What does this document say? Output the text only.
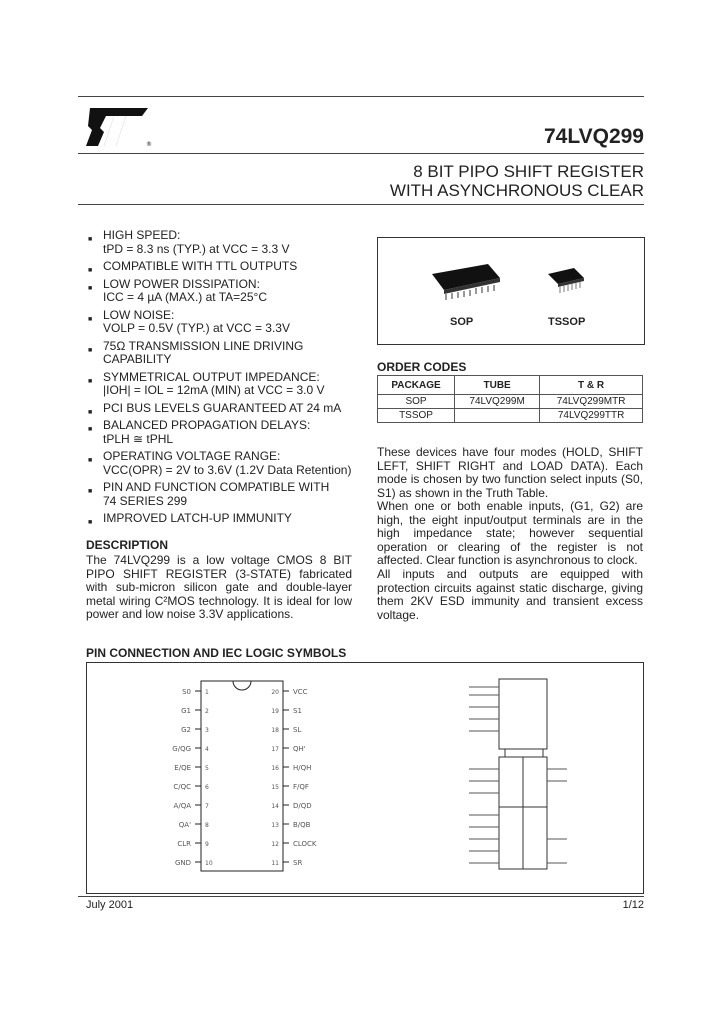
®	74LVQ299
8 BIT PIPO SHIFT REGISTER
WITH ASYNCHRONOUS CLEAR
■ HIGH SPEED:
tPD = 8.3 ns (TYP.) at VCC = 3.3 V
■ COMPATIBLE WITH TTL OUTPUTS
■ LOW POWER DISSIPATION:
ICC = 4 µA (MAX.) at TA=25°C
■ LOW NOISE:
VOLP = 0.5V (TYP.) at VCC = 3.3V
■ 75Ω TRANSMISSION LINE DRIVING
CAPABILITY
■ SYMMETRICAL OUTPUT IMPEDANCE:
|IOH| = IOL = 12mA (MIN) at VCC = 3.0 V
■ PCI BUS LEVELS GUARANTEED AT 24 mA
■ BALANCED PROPAGATION DELAYS:
tPLH ≅ tPHL
■ OPERATING VOLTAGE RANGE:
VCC(OPR) = 2V to 3.6V (1.2V Data Retention)
■ PIN AND FUNCTION COMPATIBLE WITH
74 SERIES 299
■ IMPROVED LATCH-UP IMMUNITY
SOP	TSSOP
ORDER CODES
PACKAGE	TUBE	T & R
SOP	74LVQ299M	74LVQ299MTR
TSSOP		74LVQ299TTR
These devices have four modes (HOLD, SHIFT LEFT, SHIFT RIGHT and LOAD DATA). Each mode is chosen by two function select inputs (S0, S1) as shown in the Truth Table.
When one or both enable inputs, (G1, G2) are high, the eight input/output terminals are in the high impedance state; however sequential operation or clearing of the register is not affected. Clear function is asynchronous to clock.
All inputs and outputs are equipped with protection circuits against static discharge, giving them 2KV ESD immunity and transient excess voltage.
DESCRIPTION
The 74LVQ299 is a low voltage CMOS 8 BIT PIPO SHIFT REGISTER (3-STATE) fabricated with sub-micron silicon gate and double-layer metal wiring C²MOS technology. It is ideal for low power and low noise 3.3V applications.
PIN CONNECTION AND IEC LOGIC SYMBOLS
S0 1	20 VCC
G1 2	19 S1
G2 3	18 SL
G/QG 4	17 QH'
E/QE 5	16 H/QH
C/QC 6	15 F/QF
A/QA 7	14 D/QD
QA' 8	13 B/QB
CLR 9	12 CLOCK
GND 10	11 SR
July 2001	1/12
